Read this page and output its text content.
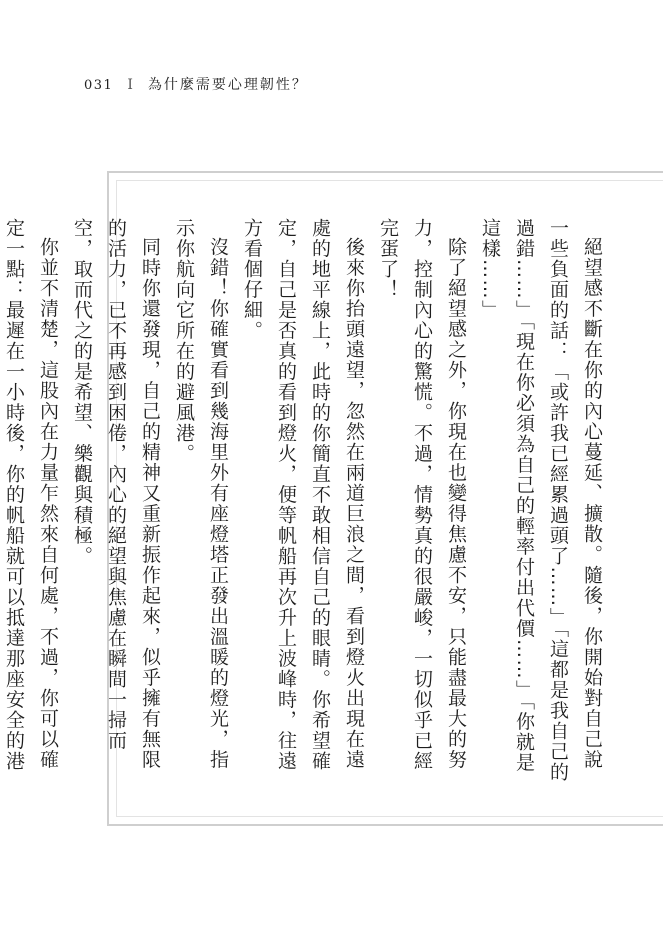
031 I 為什麼需要心理韌性？

絕望感不斷在你的內心蔓延、擴散。隨後，你開始對自己說一些負面的話：「或許我已經累過頭了……」「這都是我自己的過錯……」「現在你必須為自己的輕率付出代價……」「你就是這樣……」

除了絕望感之外，你現在也變得焦慮不安，只能盡最大的努力，控制內心的驚慌。不過，情勢真的很嚴峻，一切似乎已經完蛋了！

後來你抬頭遠望，忽然在兩道巨浪之間，看到燈火出現在遠處的地平線上，此時的你簡直不敢相信自己的眼睛。你希望確定，自己是否真的看到燈火，便等帆船再次升上波峰時，往遠方看個仔細。

沒錯！你確實看到幾海里外有座燈塔正發出溫暖的燈光，指示你航向它所在的避風港。

同時你還發現，自己的精神又重新振作起來，似乎擁有無限的活力，已不再感到困倦，內心的絕望與焦慮在瞬間一掃而空，取而代之的是希望、樂觀與積極。

你並不清楚，這股內在力量乍然來自何處，不過，你可以確定一點：最遲在一小時後，你的帆船就可以抵達那座安全的港
